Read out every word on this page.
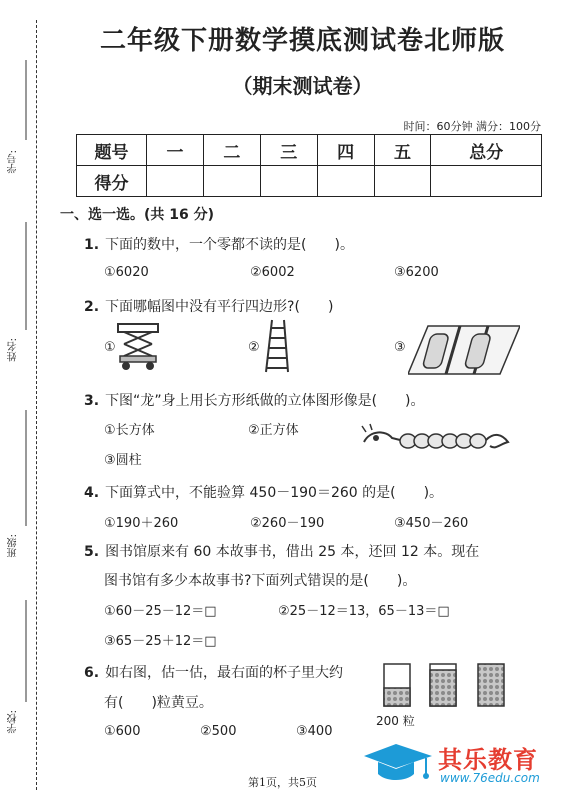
学号:
姓名:
班级:
学校:
二年级下册数学摸底测试卷北师版
（期末测试卷）
时间：60分钟 满分：100分
题号	一	二	三	四	五	总分
得分						
一、选一选。(共 16 分)
1. 下面的数中，一个零都不读的是(　　)。
①6020	②6002	③6200
2. 下面哪幅图中没有平行四边形?(　　)
①	②	③
3. 下图“龙”身上用长方形纸做的立体图形像是(　　)。
①长方体	②正方体
③圆柱
4. 下面算式中，不能验算 450－190＝260 的是(　　)。
①190＋260	②260－190	③450－260
5. 图书馆原来有 60 本故事书，借出 25 本，还回 12 本。现在
图书馆有多少本故事书?下面列式错误的是(　　)。
①60－25－12＝□	②25－12＝13，65－13＝□
③65－25＋12＝□
6. 如右图，估一估，最右面的杯子里大约
有(　　)粒黄豆。
①600	②500	③400
200 粒
其乐教育
www.76edu.com
第1页，共5页
